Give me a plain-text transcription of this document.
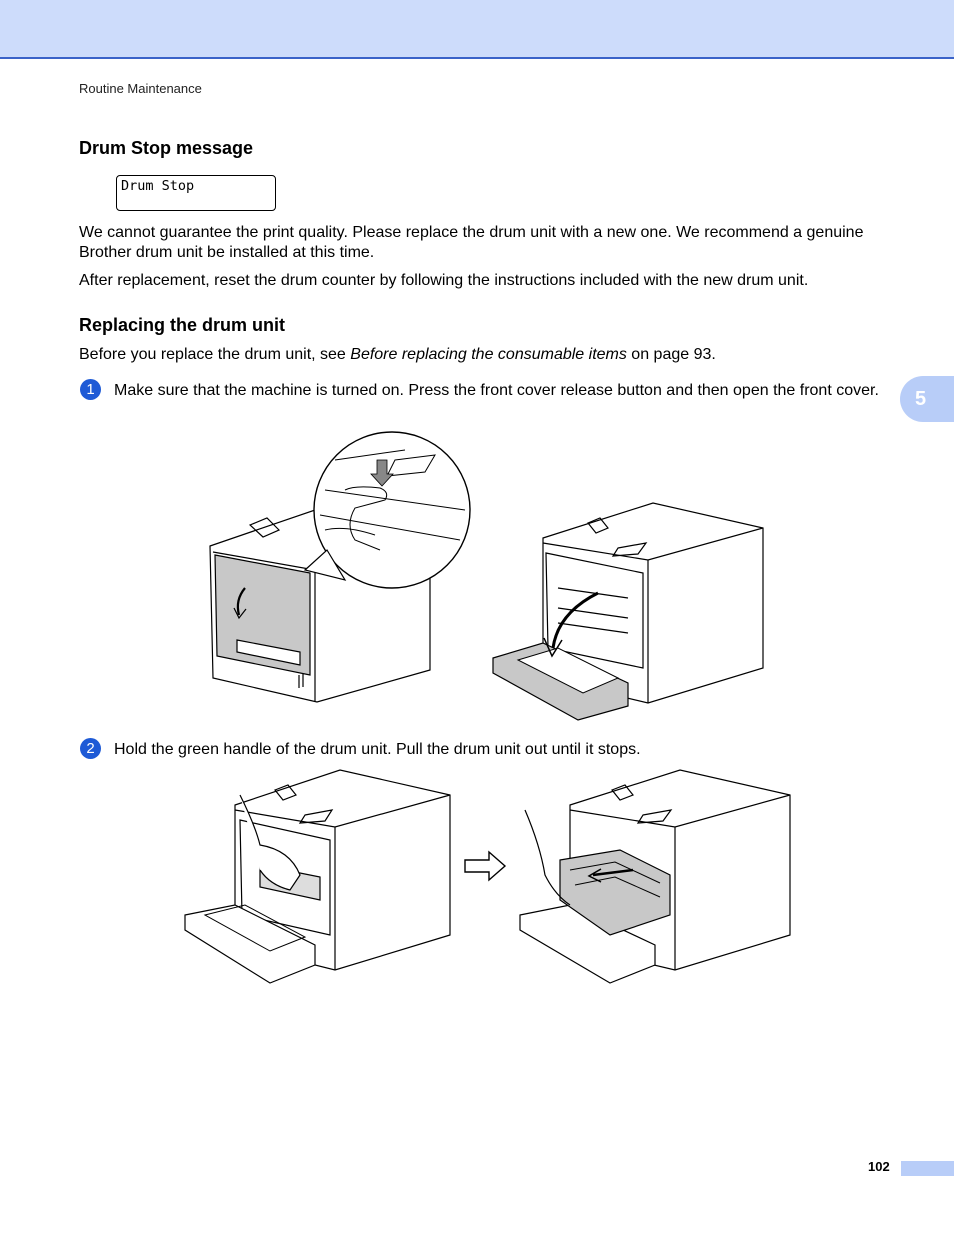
Routine Maintenance
Drum Stop message
Drum Stop
We cannot guarantee the print quality. Please replace the drum unit with a new one. We recommend a genuine Brother drum unit be installed at this time.
After replacement, reset the drum counter by following the instructions included with the new drum unit.
Replacing the drum unit
Before you replace the drum unit, see Before replacing the consumable items on page 93.
1	Make sure that the machine is turned on. Press the front cover release button and then open the front cover.	5
2	Hold the green handle of the drum unit. Pull the drum unit out until it stops.
102
